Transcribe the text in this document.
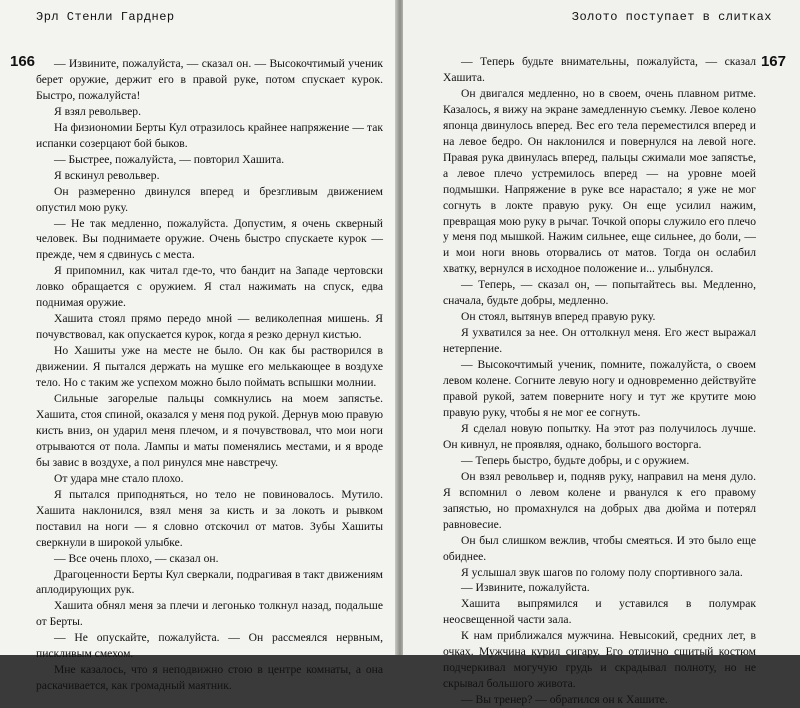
Эрл Стенли Гарднер
166	— Извините, пожалуйста, — сказал он. — Высокочтимый ученик берет оружие, держит его в правой руке, потом спускает курок. Быстро, пожалуйста!

Я взял револьвер.

На физиономии Берты Кул отразилось крайнее напряжение — так испанки созерцают бой быков.

— Быстрее, пожалуйста, — повторил Хашита.

Я вскинул револьвер.

Он размеренно двинулся вперед и брезгливым движением опустил мою руку.

— Не так медленно, пожалуйста. Допустим, я очень скверный человек. Вы поднимаете оружие. Очень быстро спускаете курок — прежде, чем я сдвинусь с места.

Я припомнил, как читал где-то, что бандит на Западе чертовски ловко обращается с оружием. Я стал нажимать на спуск, едва поднимая оружие.

Хашита стоял прямо передо мной — великолепная мишень. Я почувствовал, как опускается курок, когда я резко дернул кистью.

Но Хашиты уже на месте не было. Он как бы растворился в движении. Я пытался держать на мушке его мелькающее в воздухе тело. Но с таким же успехом можно было поймать вспышки молнии.

Сильные загорелые пальцы сомкнулись на моем запястье. Хашита, стоя спиной, оказался у меня под рукой. Дернув мою правую кисть вниз, он ударил меня плечом, и я почувствовал, что мои ноги отрываются от пола. Лампы и маты поменялись местами, и я вроде бы завис в воздухе, а пол ринулся мне навстречу.

От удара мне стало плохо.

Я пытался приподняться, но тело не повиновалось. Мутило. Хашита наклонился, взял меня за кисть и за локоть и рывком поставил на ноги — я словно отскочил от матов. Зубы Хашиты сверкнули в широкой улыбке.

— Все очень плохо, — сказал он.

Драгоценности Берты Кул сверкали, подрагивая в такт движениям аплодирующих рук.

Хашита обнял меня за плечи и легонько толкнул назад, подальше от Берты.

— Не опускайте, пожалуйста. — Он рассмеялся нервным, пискливым смехом.

Мне казалось, что я неподвижно стою в центре комнаты, а она раскачивается, как громадный маятник.

Золото поступает в слитках
167

— Теперь будьте внимательны, пожалуйста, — сказал Хашита.

Он двигался медленно, но в своем, очень плавном ритме. Казалось, я вижу на экране замедленную съемку. Левое колено японца двинулось вперед. Вес его тела переместился вперед и на левое бедро. Он наклонился и повернулся на левой ноге. Правая рука двинулась вперед, пальцы сжимали мое запястье, а левое плечо устремилось вперед — на уровне моей подмышки. Напряжение в руке все нарастало; я уже не мог согнуть в локте правую руку. Он еще усилил нажим, превращая мою руку в рычаг. Точкой опоры служило его плечо у меня под мышкой. Нажим сильнее, еще сильнее, до боли, — и мои ноги вновь оторвались от матов. Тогда он ослабил хватку, вернулся в исходное положение и... улыбнулся.

— Теперь, — сказал он, — попытайтесь вы. Медленно, сначала, будьте добры, медленно.

Он стоял, вытянув вперед правую руку.

Я ухватился за нее. Он оттолкнул меня. Его жест выражал нетерпение.

— Высокочтимый ученик, помните, пожалуйста, о своем левом колене. Согните левую ногу и одновременно действуйте правой рукой, затем поверните ногу и тут же крутите мою правую руку, чтобы я не мог ее согнуть.

Я сделал новую попытку. На этот раз получилось лучше. Он кивнул, не проявляя, однако, большого восторга.

— Теперь быстро, будьте добры, и с оружием.

Он взял револьвер и, подняв руку, направил на меня дуло. Я вспомнил о левом колене и рванулся к его правому запястью, но промахнулся на добрых два дюйма и потерял равновесие.

Он был слишком вежлив, чтобы смеяться. И это было еще обиднее.

Я услышал звук шагов по голому полу спортивного зала.

— Извините, пожалуйста.

Хашита выпрямился и уставился в полумрак неосвещенной части зала.

К нам приближался мужчина. Невысокий, средних лет, в очках. Мужчина курил сигару. Его отлично сшитый костюм подчеркивал могучую грудь и скрадывал полноту, но не скрывал большого живота.

— Вы тренер? — обратился он к Хашите.
